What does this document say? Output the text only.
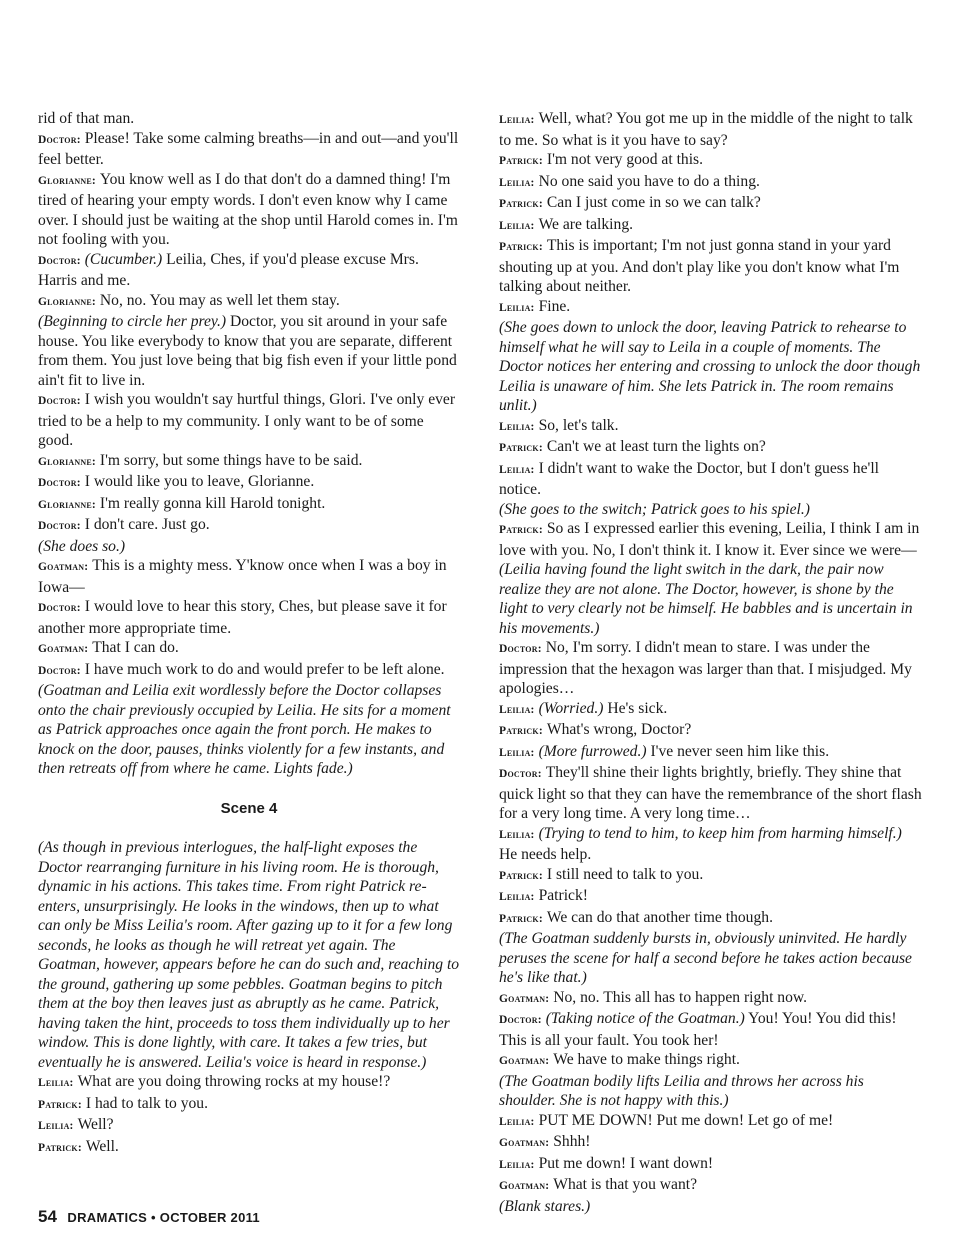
rid of that man.

Doctor: Please! Take some calming breaths—in and out—and you'll feel better.

Glorianne: You know well as I do that don't do a damned thing! I'm tired of hearing your empty words. I don't even know why I came over. I should just be waiting at the shop until Harold comes in. I'm not fooling with you.

Doctor: (Cucumber.) Leilia, Ches, if you'd please excuse Mrs. Harris and me.

Glorianne: No, no. You may as well let them stay.

(Beginning to circle her prey.) Doctor, you sit around in your safe house. You like everybody to know that you are separate, different from them. You just love being that big fish even if your little pond ain't fit to live in.

Doctor: I wish you wouldn't say hurtful things, Glori. I've only ever tried to be a help to my community. I only want to be of some good.

Glorianne: I'm sorry, but some things have to be said.

Doctor: I would like you to leave, Glorianne.

Glorianne: I'm really gonna kill Harold tonight.

Doctor: I don't care. Just go.

(She does so.)

Goatman: This is a mighty mess. Y'know once when I was a boy in Iowa—

Doctor: I would love to hear this story, Ches, but please save it for another more appropriate time.

Goatman: That I can do.

Doctor: I have much work to do and would prefer to be left alone.

(Goatman and Leilia exit wordlessly before the Doctor collapses onto the chair previously occupied by Leilia. He sits for a moment as Patrick approaches once again the front porch. He makes to knock on the door, pauses, thinks violently for a few instants, and then retreats off from where he came. Lights fade.)

Scene 4

(As though in previous interlogues, the half-light exposes the Doctor rearranging furniture in his living room. He is thorough, dynamic in his actions. This takes time. From right Patrick re-enters, unsurprisingly. He looks in the windows, then up to what can only be Miss Leilia's room. After gazing up to it for a few long seconds, he looks as though he will retreat yet again. The Goatman, however, appears before he can do such and, reaching to the ground, gathering up some pebbles. Goatman begins to pitch them at the boy then leaves just as abruptly as he came. Patrick, having taken the hint, proceeds to toss them individually up to her window. This is done lightly, with care. It takes a few tries, but eventually he is answered. Leilia's voice is heard in response.)

Leilia: What are you doing throwing rocks at my house!?

Patrick: I had to talk to you.

Leilia: Well?

Patrick: Well.

Leilia: Well, what? You got me up in the middle of the night to talk to me. So what is it you have to say?

Patrick: I'm not very good at this.

Leilia: No one said you have to do a thing.

Patrick: Can I just come in so we can talk?

Leilia: We are talking.

Patrick: This is important; I'm not just gonna stand in your yard shouting up at you. And don't play like you don't know what I'm talking about neither.

Leilia: Fine.

(She goes down to unlock the door, leaving Patrick to rehearse to himself what he will say to Leila in a couple of moments. The Doctor notices her entering and crossing to unlock the door though Leilia is unaware of him. She lets Patrick in. The room remains unlit.)

Leilia: So, let's talk.

Patrick: Can't we at least turn the lights on?

Leilia: I didn't want to wake the Doctor, but I don't guess he'll notice.

(She goes to the switch; Patrick goes to his spiel.)

Patrick: So as I expressed earlier this evening, Leilia, I think I am in love with you. No, I don't think it. I know it. Ever since we were—

(Leilia having found the light switch in the dark, the pair now realize they are not alone. The Doctor, however, is shone by the light to very clearly not be himself. He babbles and is uncertain in his movements.)

Doctor: No, I'm sorry. I didn't mean to stare. I was under the impression that the hexagon was larger than that. I misjudged. My apologies…

Leilia: (Worried.) He's sick.

Patrick: What's wrong, Doctor?

Leilia: (More furrowed.) I've never seen him like this.

Doctor: They'll shine their lights brightly, briefly. They shine that quick light so that they can have the remembrance of the short flash for a very long time. A very long time…

Leilia: (Trying to tend to him, to keep him from harming himself.) He needs help.

Patrick: I still need to talk to you.

Leilia: Patrick!

Patrick: We can do that another time though.

(The Goatman suddenly bursts in, obviously uninvited. He hardly peruses the scene for half a second before he takes action because he's like that.)

Goatman: No, no. This all has to happen right now.

Doctor: (Taking notice of the Goatman.) You! You! You did this! This is all your fault. You took her!

Goatman: We have to make things right.

(The Goatman bodily lifts Leilia and throws her across his shoulder. She is not happy with this.)

Leilia: PUT ME DOWN! Put me down! Let go of me!

Goatman: Shhh!

Leilia: Put me down! I want down!

Goatman: What is that you want?

(Blank stares.)

54 DRAMATICS • OCTOBER 2011
